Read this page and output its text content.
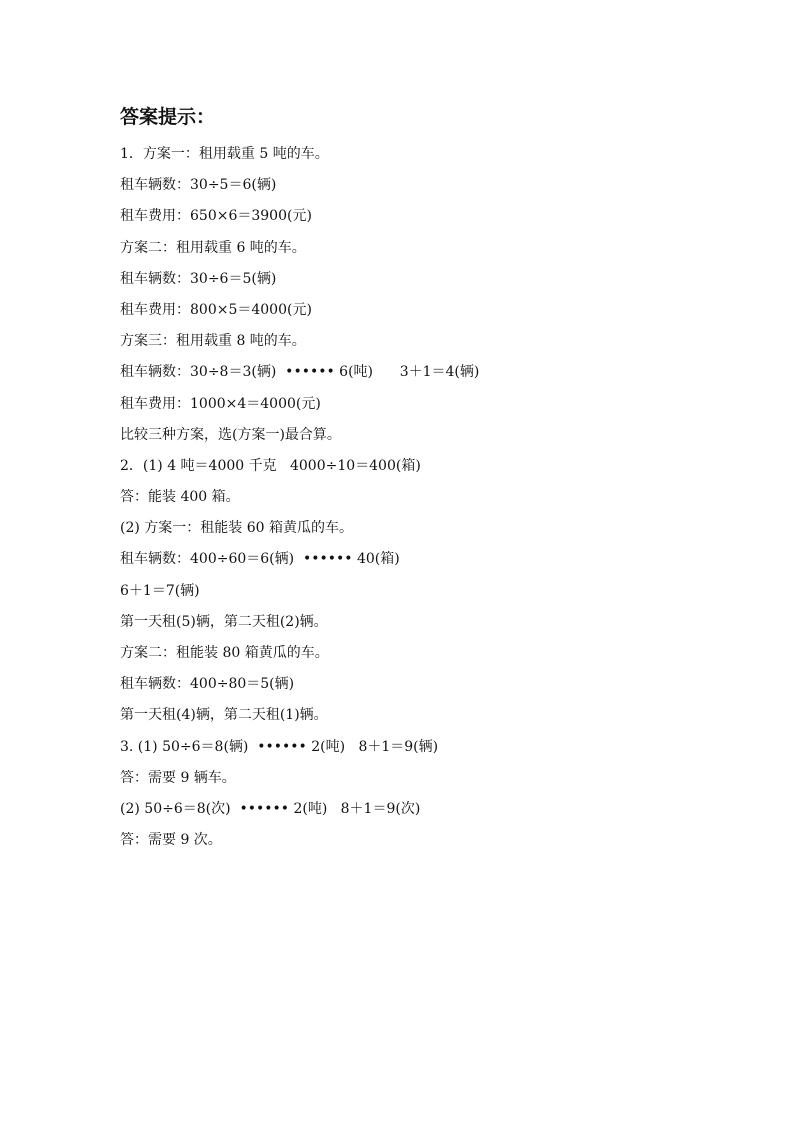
答案提示：
1．方案一：租用载重 5 吨的车。
租车辆数：30÷5＝6(辆)
租车费用：650×6＝3900(元)
方案二：租用载重 6 吨的车。
租车辆数：30÷6＝5(辆)
租车费用：800×5＝4000(元)
方案三：租用载重 8 吨的车。
租车辆数：30÷8＝3(辆)  •••••• 6(吨)      3＋1＝4(辆)
租车费用：1000×4＝4000(元)
比较三种方案，选(方案一)最合算。
2．(1) 4 吨＝4000 千克   4000÷10＝400(箱)
答：能装 400 箱。
(2) 方案一：租能装 60 箱黄瓜的车。
租车辆数：400÷60＝6(辆)  •••••• 40(箱)
6＋1＝7(辆)
第一天租(5)辆，第二天租(2)辆。
方案二：租能装 80 箱黄瓜的车。
租车辆数：400÷80＝5(辆)
第一天租(4)辆，第二天租(1)辆。
3. (1) 50÷6＝8(辆)  •••••• 2(吨)   8＋1＝9(辆)
答：需要 9 辆车。
(2) 50÷6＝8(次)  •••••• 2(吨)   8＋1＝9(次)
答：需要 9 次。
